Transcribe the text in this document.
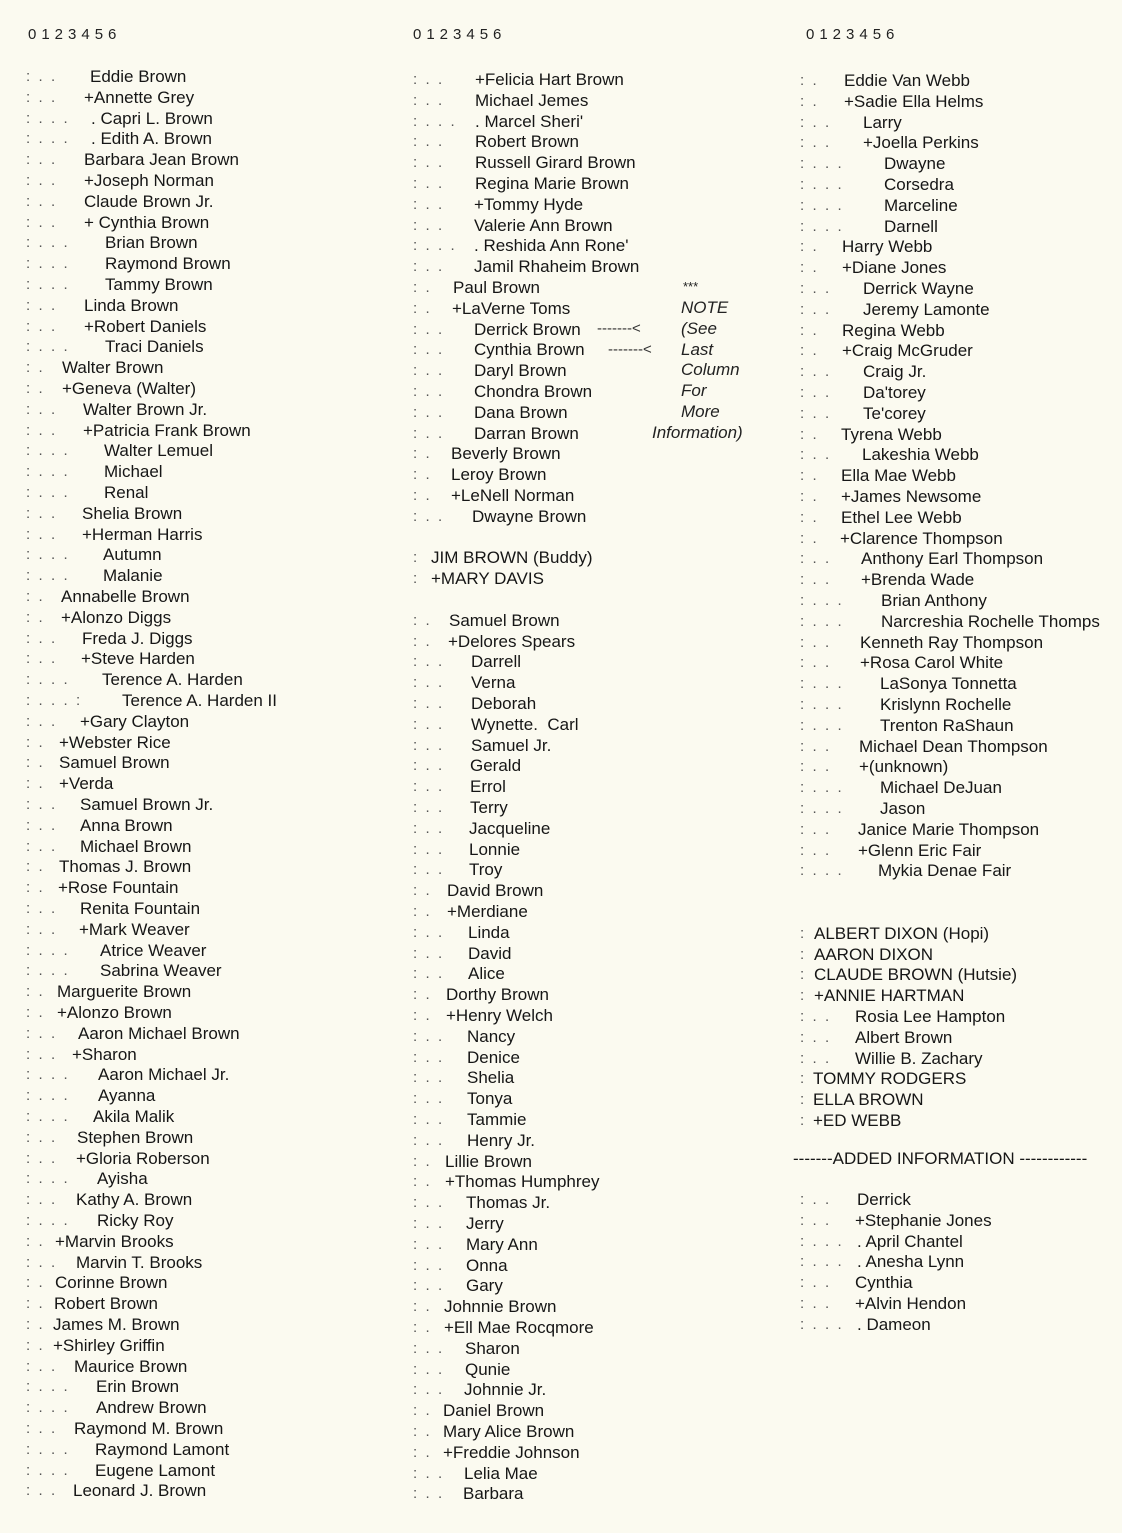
0123456
:  .  . Eddie Brown
:  .  . +Annette Grey
:  .  .  . . Capri L. Brown
:  .  .  . . Edith A. Brown
:  .  . Barbara Jean Brown
:  .  . +Joseph Norman
:  .  . Claude Brown Jr.
:  .  . + Cynthia Brown
:  .  .  . Brian Brown
:  .  .  . Raymond Brown
:  .  .  . Tammy Brown
:  .  . Linda Brown
:  .  . +Robert Daniels
:  .  .  . Traci Daniels
:  . Walter Brown
:  . +Geneva (Walter)
:  .  . Walter Brown Jr.
:  .  . +Patricia Frank Brown
:  .  .  . Walter Lemuel
:  .  .  . Michael
:  .  .  . Renal
:  .  . Shelia Brown
:  .  . +Herman Harris
:  .  .  . Autumn
:  .  .  . Malanie
:  . Annabelle Brown
:  . +Alonzo Diggs
:  .  . Freda J. Diggs
:  .  . +Steve Harden
:  .  .  . Terence A. Harden
:  .  .  .  : Terence A. Harden II
:  .  . +Gary Clayton
:  . +Webster Rice
:  . Samuel Brown
:  . +Verda
:  .  . Samuel Brown Jr.
:  .  . Anna Brown
:  .  . Michael Brown
:  . Thomas J. Brown
:  . +Rose Fountain
:  .  . Renita Fountain
:  .  . +Mark Weaver
:  .  .  . Atrice Weaver
:  .  .  . Sabrina Weaver
:  . Marguerite Brown
:  . +Alonzo Brown
:  .  . Aaron Michael Brown
:  .  . +Sharon
:  .  .  . Aaron Michael Jr.
:  .  .  . Ayanna
:  .  .  . Akila Malik
:  .  . Stephen Brown
:  .  . +Gloria Roberson
:  .  .  . Ayisha
:  .  . Kathy A. Brown
:  .  .  . Ricky Roy
:  . +Marvin Brooks
:  .  . Marvin T. Brooks
:  . Corinne Brown
:  . Robert Brown
:  . James M. Brown
:  . +Shirley Griffin
:  .  . Maurice Brown
:  .  .  . Erin Brown
:  .  .  . Andrew Brown
:  .  . Raymond M. Brown
:  .  .  . Raymond Lamont
:  .  .  . Eugene Lamont
:  .  . Leonard J. Brown
0123456
:  .  . +Felicia Hart Brown
:  .  . Michael Jemes
:  .  .  . . Marcel Sheri'
:  .  . Robert Brown
:  .  . Russell Girard Brown
:  .  . Regina Marie Brown
:  .  . +Tommy Hyde
:  .  . Valerie Ann Brown
:  .  .  . . Reshida Ann Rone'
:  .  . Jamil Rhaheim Brown
:  . Paul Brown
:  . +LaVerne Toms
:  .  . Derrick Brown
:  .  . Cynthia Brown
:  .  . Daryl Brown
:  .  . Chondra Brown
:  .  . Dana Brown
:  .  . Darran Brown
:  . Beverly Brown
:  . Leroy Brown
:  . +LeNell Norman
:  .  . Dwayne Brown
: JIM BROWN (Buddy)
: +MARY DAVIS
:  . Samuel Brown
:  . +Delores Spears
:  .  . Darrell
:  .  . Verna
:  .  . Deborah
:  .  . Wynette.  Carl
:  .  . Samuel Jr.
:  .  . Gerald
:  .  . Errol
:  .  . Terry
:  .  . Jacqueline
:  .  . Lonnie
:  .  . Troy
:  . David Brown
:  . +Merdiane
:  .  . Linda
:  .  . David
:  .  . Alice
:  . Dorthy Brown
:  . +Henry Welch
:  .  . Nancy
:  .  . Denice
:  .  . Shelia
:  .  . Tonya
:  .  . Tammie
:  .  . Henry Jr.
:  . Lillie Brown
:  . +Thomas Humphrey
:  .  . Thomas Jr.
:  .  . Jerry
:  .  . Mary Ann
:  .  . Onna
:  .  . Gary
:  . Johnnie Brown
:  . +Ell Mae Rocqmore
:  .  . Sharon
:  .  . Qunie
:  .  . Johnnie Jr.
:  . Daniel Brown
:  . Mary Alice Brown
:  . +Freddie Johnson
:  .  . Lelia Mae
:  .  . Barbara
***
NOTE
(See
Last
Column
For
More
Information)
-------<
-------<
0123456
:  . Eddie Van Webb
:  . +Sadie Ella Helms
:  .  . Larry
:  .  . +Joella Perkins
:  .  .  . Dwayne
:  .  .  . Corsedra
:  .  .  . Marceline
:  .  .  . Darnell
:  . Harry Webb
:  . +Diane Jones
:  .  . Derrick Wayne
:  .  . Jeremy Lamonte
:  . Regina Webb
:  . +Craig McGruder
:  .  . Craig Jr.
:  .  . Da'torey
:  .  . Te'corey
:  . Tyrena Webb
:  .  . Lakeshia Webb
:  . Ella Mae Webb
:  . +James Newsome
:  . Ethel Lee Webb
:  . +Clarence Thompson
:  .  . Anthony Earl Thompson
:  .  . +Brenda Wade
:  .  .  . Brian Anthony
:  .  .  . Narcreshia Rochelle Thomps
:  .  . Kenneth Ray Thompson
:  .  . +Rosa Carol White
:  .  .  . LaSonya Tonnetta
:  .  .  . Krislynn Rochelle
:  .  .  . Trenton RaShaun
:  .  . Michael Dean Thompson
:  .  . +(unknown)
:  .  .  . Michael DeJuan
:  .  .  . Jason
:  .  . Janice Marie Thompson
:  .  . +Glenn Eric Fair
:  .  .  . Mykia Denae Fair
: ALBERT DIXON (Hopi)
: AARON DIXON
: CLAUDE BROWN (Hutsie)
: +ANNIE HARTMAN
:  .  . Rosia Lee Hampton
:  .  . Albert Brown
:  .  . Willie B. Zachary
: TOMMY RODGERS
: ELLA BROWN
: +ED WEBB
-------ADDED INFORMATION ------------
:  .  . Derrick
:  .  . +Stephanie Jones
:  .  .  . . April Chantel
:  .  .  . . Anesha Lynn
:  .  . Cynthia
:  .  . +Alvin Hendon
:  .  .  . . Dameon
